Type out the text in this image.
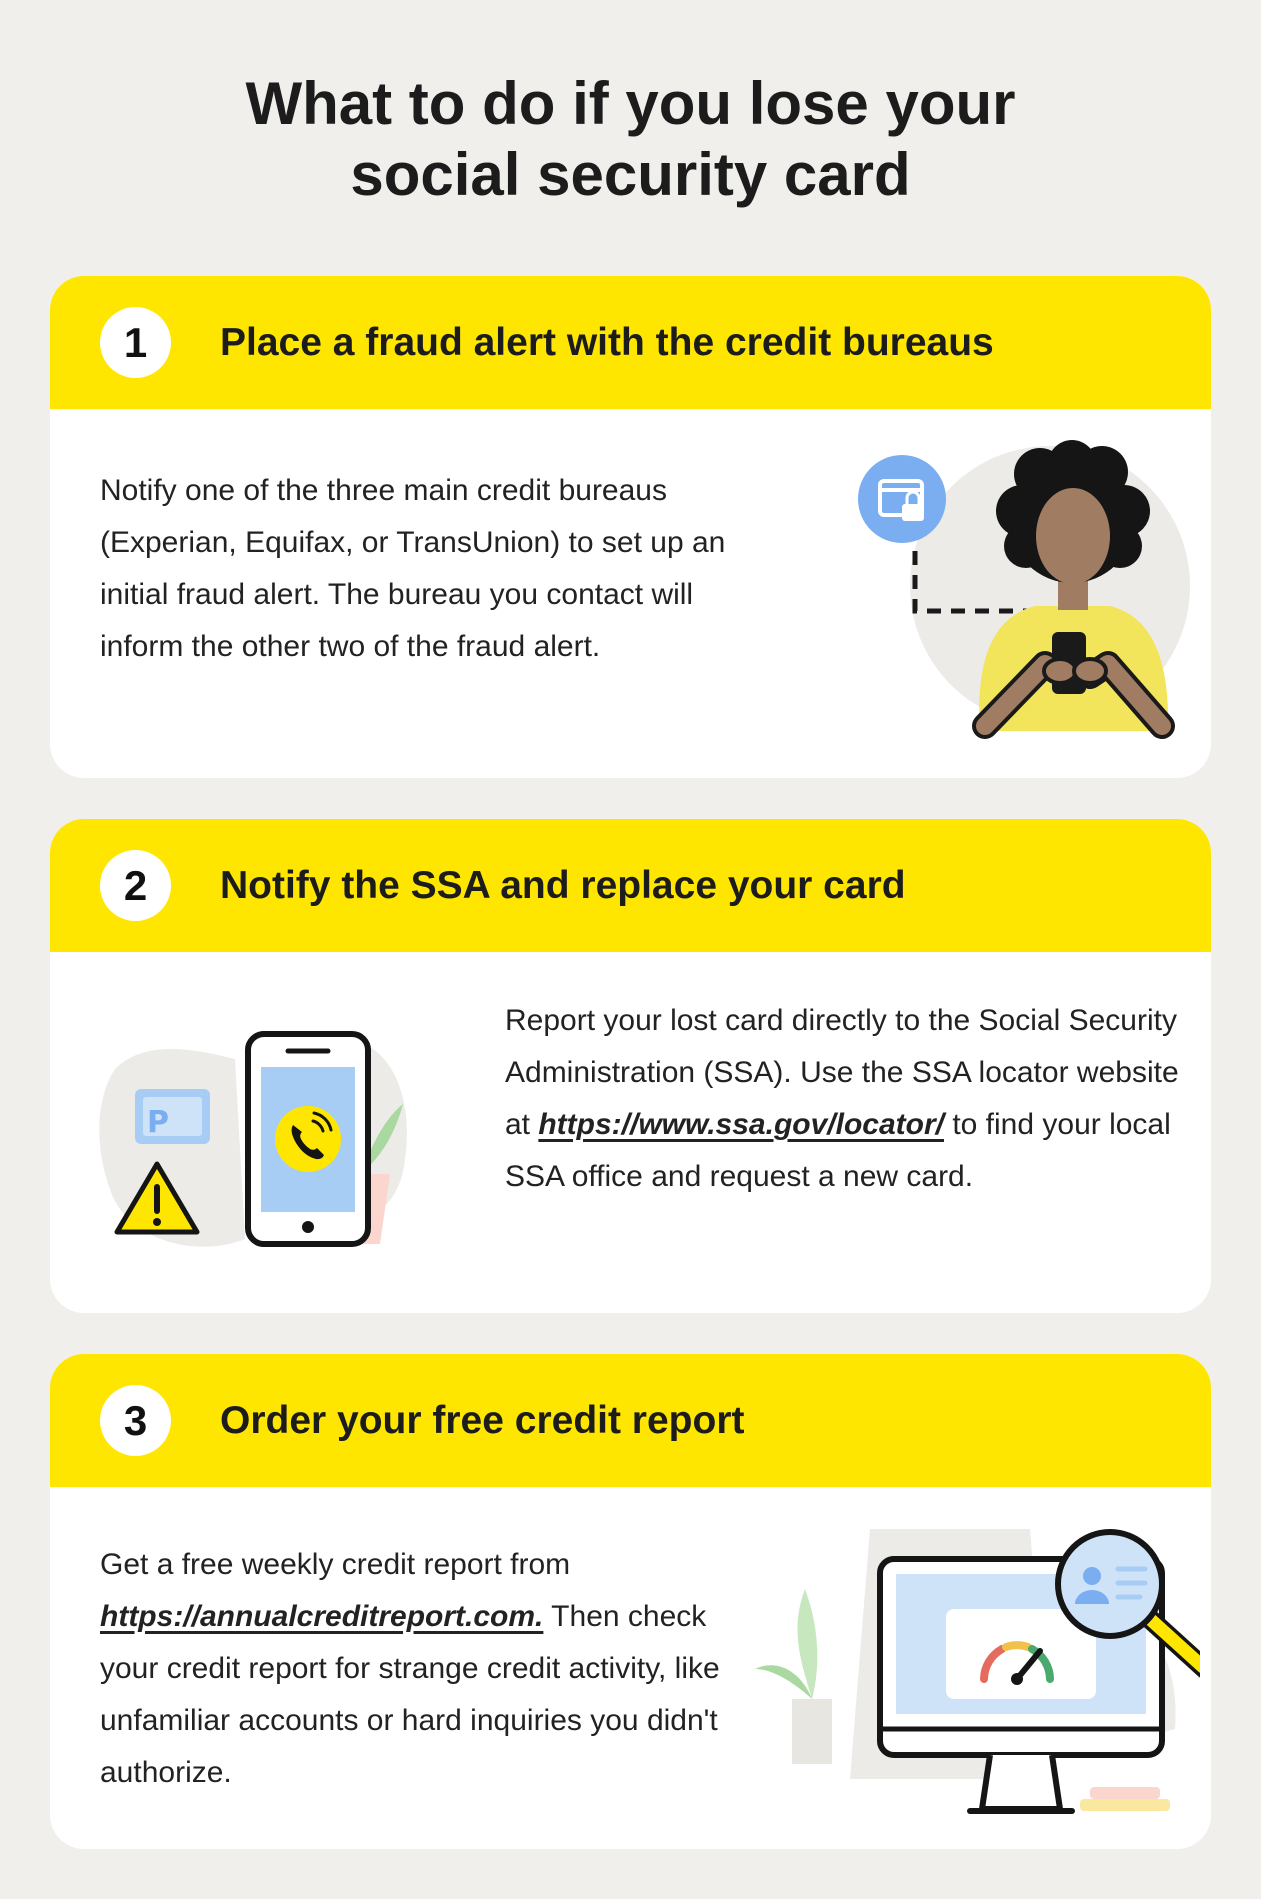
What to do if you lose your
social security card
1	Place a fraud alert with the credit bureaus

Notify one of the three main credit bureaus (Experian, Equifax, or TransUnion) to set up an initial fraud alert. The bureau you contact will inform the other two of the fraud alert.

2	Notify the SSA and replace your card
P

Report your lost card directly to the Social Security Administration (SSA). Use the SSA locator website at https://www.ssa.gov/locator/ to find your local SSA office and request a new card.

3	Order your free credit report

Get a free weekly credit report from https://annualcreditreport.com. Then check your credit report for strange credit activity, like unfamiliar accounts or hard inquiries you didn't authorize.
